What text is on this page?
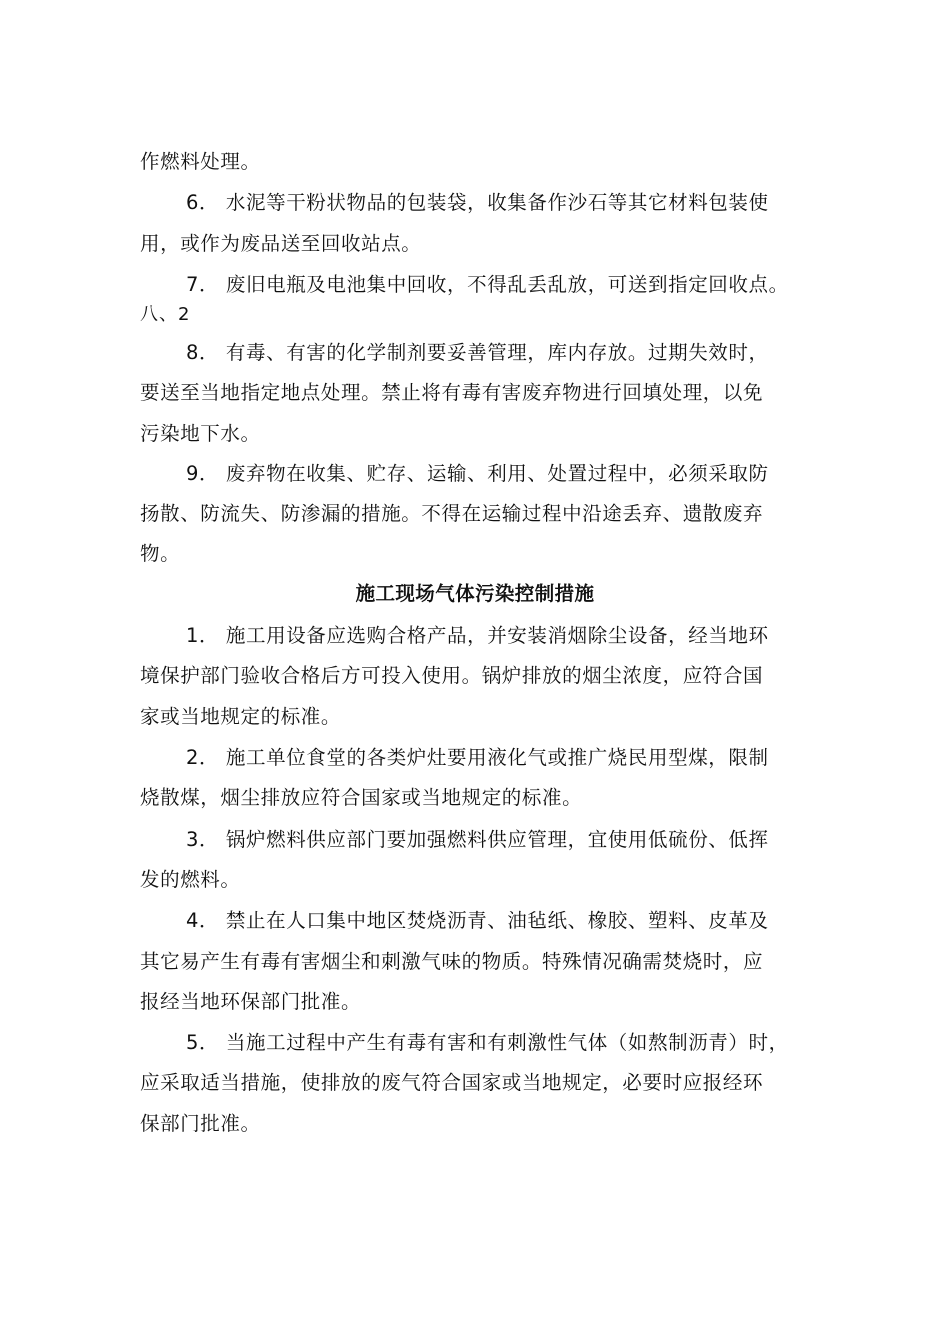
作燃料处理。
6． 水泥等干粉状物品的包装袋，收集备作沙石等其它材料包装使
用，或作为废品送至回收站点。
7． 废旧电瓶及电池集中回收，不得乱丢乱放，可送到指定回收点。
八、2
8． 有毒、有害的化学制剂要妥善管理，库内存放。过期失效时，
要送至当地指定地点处理。禁止将有毒有害废弃物进行回填处理，以免
污染地下水。
9． 废弃物在收集、贮存、运输、利用、处置过程中，必须采取防
扬散、防流失、防渗漏的措施。不得在运输过程中沿途丢弃、遗散废弃
物。
施工现场气体污染控制措施
1． 施工用设备应选购合格产品，并安装消烟除尘设备，经当地环
境保护部门验收合格后方可投入使用。锅炉排放的烟尘浓度，应符合国
家或当地规定的标准。
2． 施工单位食堂的各类炉灶要用液化气或推广烧民用型煤，限制
烧散煤，烟尘排放应符合国家或当地规定的标准。
3． 锅炉燃料供应部门要加强燃料供应管理，宜使用低硫份、低挥
发的燃料。
4． 禁止在人口集中地区焚烧沥青、油毡纸、橡胶、塑料、皮革及
其它易产生有毒有害烟尘和刺激气味的物质。特殊情况确需焚烧时，应
报经当地环保部门批准。
5． 当施工过程中产生有毒有害和有刺激性气体（如熬制沥青）时，
应采取适当措施，使排放的废气符合国家或当地规定，必要时应报经环
保部门批准。
